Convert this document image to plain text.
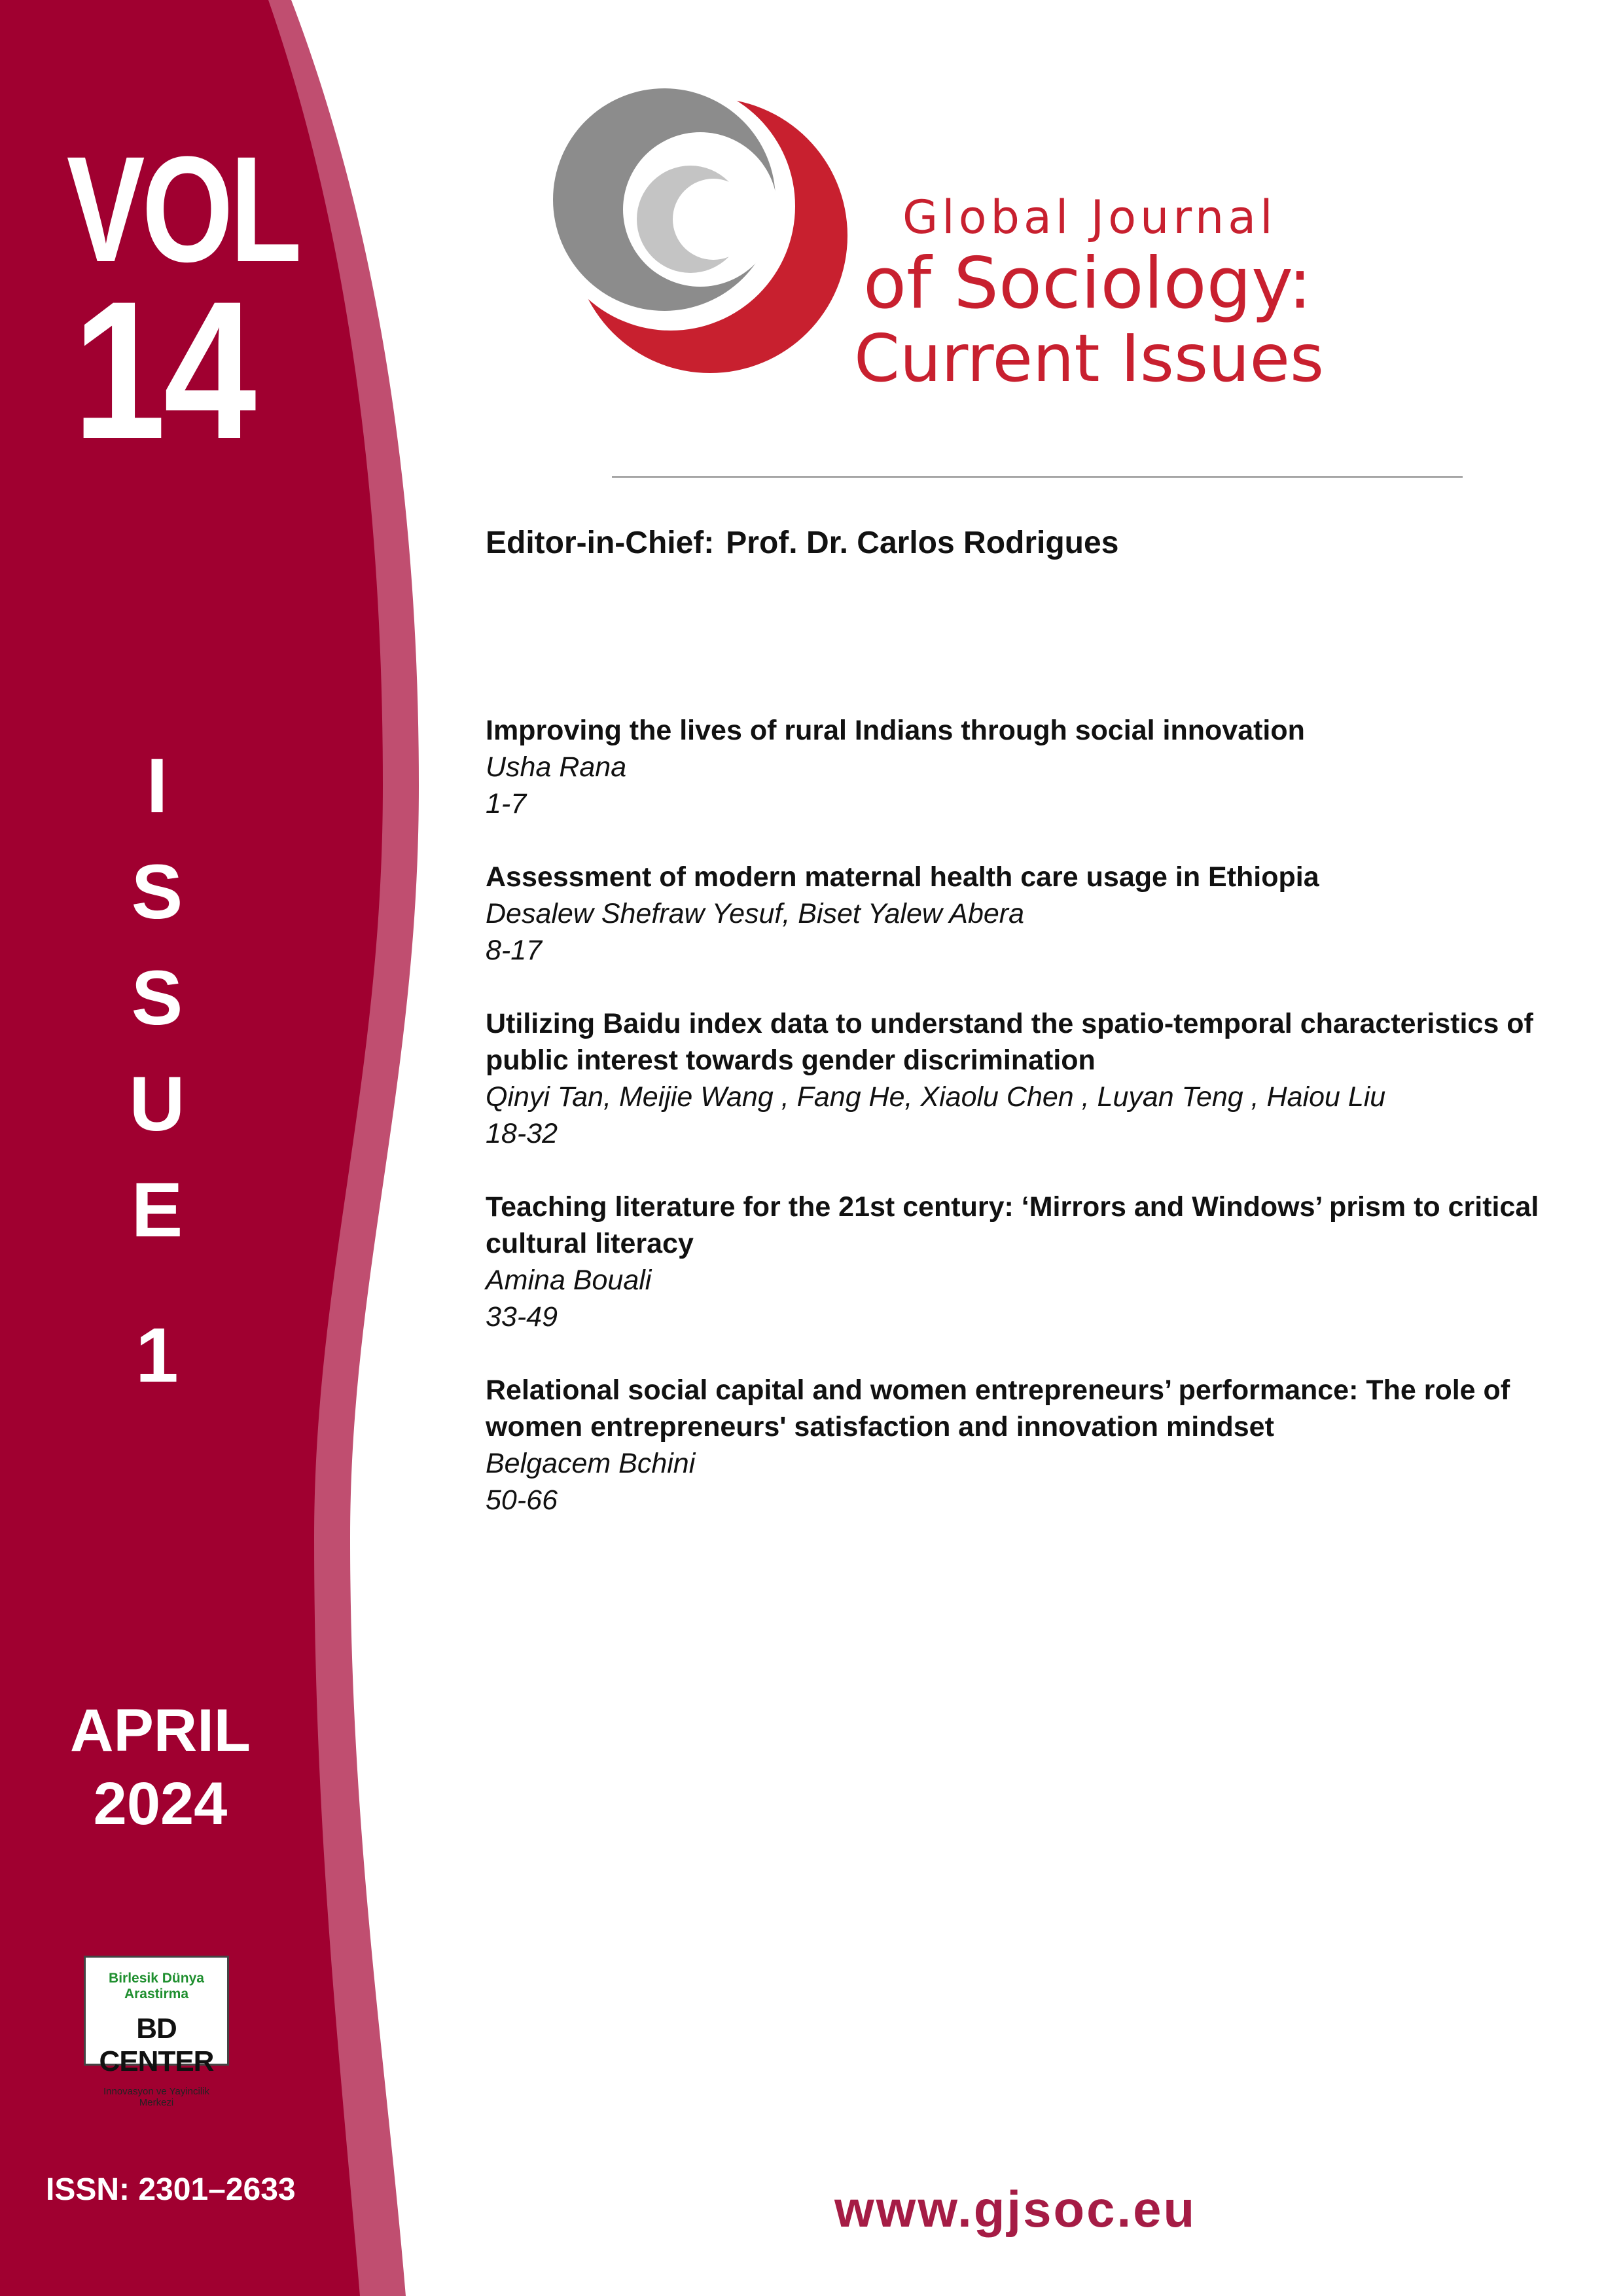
VOL
14
I
S
S
U
E
1
APRIL
2024
Birlesik Dünya Arastirma
BD CENTER
Innovasyon ve Yayincilik Merkezi
ISSN: 2301–2633
Global Journal
of Sociology:
Current Issues
Editor-in-Chief: Prof. Dr. Carlos Rodrigues
Improving the lives of rural Indians through social innovation
Usha Rana
1-7
Assessment of modern maternal health care usage in Ethiopia
Desalew Shefraw Yesuf, Biset Yalew Abera
8-17
Utilizing Baidu index data to understand the spatio-temporal characteristics of public interest towards gender discrimination
Qinyi Tan, Meijie Wang , Fang He, Xiaolu Chen , Luyan Teng , Haiou Liu
18-32
Teaching literature for the 21st century: ‘Mirrors and Windows’ prism to critical cultural literacy
Amina Bouali
33-49
Relational social capital and women entrepreneurs’ performance: The role of women entrepreneurs' satisfaction and innovation mindset
Belgacem Bchini
50-66
www.gjsoc.eu
